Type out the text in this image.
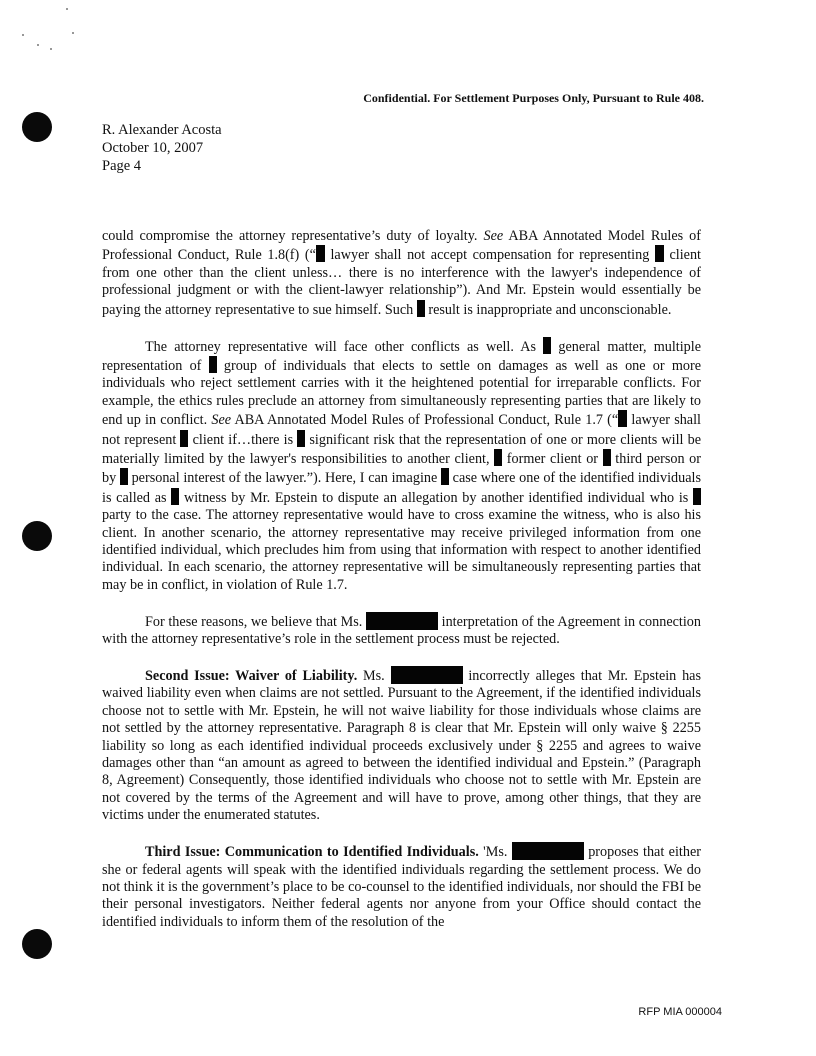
Confidential. For Settlement Purposes Only, Pursuant to Rule 408.
R. Alexander Acosta
October 10, 2007
Page 4

could compromise the attorney representative’s duty of loyalty. See ABA Annotated Model Rules of Professional Conduct, Rule 1.8(f) (“ lawyer shall not accept compensation for representing  client from one other than the client unless… there is no interference with the lawyer's independence of professional judgment or with the client-lawyer relationship”). And Mr. Epstein would essentially be paying the attorney representative to sue himself. Such  result is inappropriate and unconscionable.

The attorney representative will face other conflicts as well. As  general matter, multiple representation of  group of individuals that elects to settle on damages as well as one or more individuals who reject settlement carries with it the heightened potential for irreparable conflicts. For example, the ethics rules preclude an attorney from simultaneously representing parties that are likely to end up in conflict. See ABA Annotated Model Rules of Professional Conduct, Rule 1.7 (“ lawyer shall not represent  client if…there is  significant risk that the representation of one or more clients will be materially limited by the lawyer's responsibilities to another client,  former client or  third person or by  personal interest of the lawyer.”). Here, I can imagine  case where one of the identified individuals is called as  witness by Mr. Epstein to dispute an allegation by another identified individual who is  party to the case. The attorney representative would have to cross examine the witness, who is also his client. In another scenario, the attorney representative may receive privileged information from one identified individual, which precludes him from using that information with respect to another identified individual. In each scenario, the attorney representative will be simultaneously representing parties that may be in conflict, in violation of Rule 1.7.

For these reasons, we believe that Ms.	interpretation of the Agreement in connection with the attorney representative’s role in the settlement process must be rejected.

Second Issue: Waiver of Liability. Ms.	incorrectly alleges that Mr. Epstein has waived liability even when claims are not settled. Pursuant to the Agreement, if the identified individuals choose not to settle with Mr. Epstein, he will not waive liability for those individuals whose claims are not settled by the attorney representative. Paragraph 8 is clear that Mr. Epstein will only waive § 2255 liability so long as each identified individual proceeds exclusively under § 2255 and agrees to waive damages other than “an amount as agreed to between the identified individual and Epstein.” (Paragraph 8, Agreement) Consequently, those identified individuals who choose not to settle with Mr. Epstein are not covered by the terms of the Agreement and will have to prove, among other things, that they are victims under the enumerated statutes.

Third Issue: Communication to Identified Individuals. 'Ms.	proposes that either she or federal agents will speak with the identified individuals regarding the settlement process. We do not think it is the government’s place to be co-counsel to the identified individuals, nor should the FBI be their personal investigators. Neither federal agents nor anyone from your Office should contact the identified individuals to inform them of the resolution of the

RFP MIA 000004
